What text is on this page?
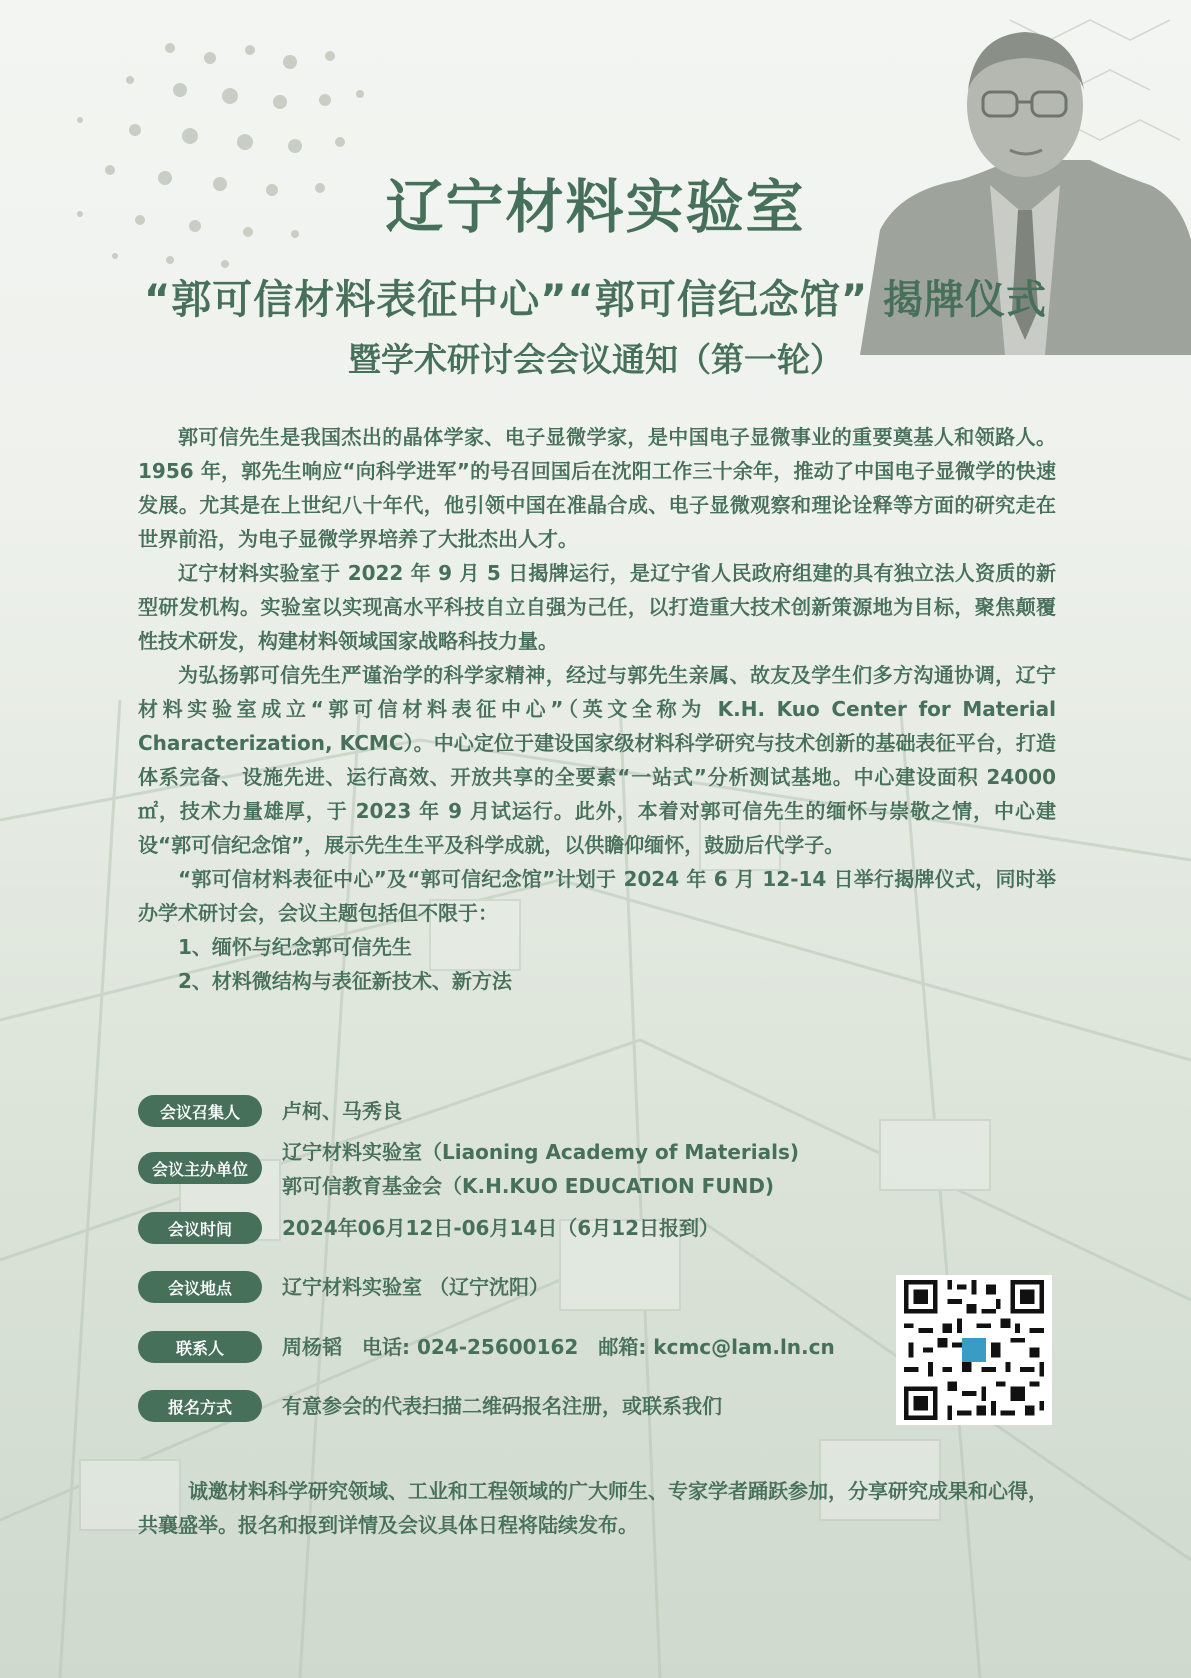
辽宁材料实验室
“郭可信材料表征中心”“郭可信纪念馆” 揭牌仪式
暨学术研讨会会议通知（第一轮）

郭可信先生是我国杰出的晶体学家、电子显微学家，是中国电子显微事业的重要奠基人和领路人。1956 年，郭先生响应“向科学进军”的号召回国后在沈阳工作三十余年，推动了中国电子显微学的快速发展。尤其是在上世纪八十年代，他引领中国在准晶合成、电子显微观察和理论诠释等方面的研究走在世界前沿，为电子显微学界培养了大批杰出人才。

辽宁材料实验室于 2022 年 9 月 5 日揭牌运行，是辽宁省人民政府组建的具有独立法人资质的新型研发机构。实验室以实现高水平科技自立自强为己任，以打造重大技术创新策源地为目标，聚焦颠覆性技术研发，构建材料领域国家战略科技力量。

为弘扬郭可信先生严谨治学的科学家精神，经过与郭先生亲属、故友及学生们多方沟通协调，辽宁材料实验室成立“郭可信材料表征中心”（英文全称为 K.H. Kuo Center for Material Characterization, KCMC）。中心定位于建设国家级材料科学研究与技术创新的基础表征平台，打造体系完备、设施先进、运行高效、开放共享的全要素“一站式”分析测试基地。中心建设面积 24000 ㎡，技术力量雄厚，于 2023 年 9 月试运行。此外，本着对郭可信先生的缅怀与崇敬之情，中心建设“郭可信纪念馆”，展示先生生平及科学成就，以供瞻仰缅怀，鼓励后代学子。

“郭可信材料表征中心”及“郭可信纪念馆”计划于 2024 年 6 月 12-14 日举行揭牌仪式，同时举办学术研讨会，会议主题包括但不限于：

1、缅怀与纪念郭可信先生
2、材料微结构与表征新技术、新方法
会议召集人	卢柯、马秀良
会议主办单位
辽宁材料实验室（Liaoning Academy of Materials)
郭可信教育基金会（K.H.KUO EDUCATION FUND)
会议时间	2024年06月12日-06月14日（6月12日报到）
会议地点	辽宁材料实验室 （辽宁沈阳）
联系人	周杨韬　电话: 024-25600162　邮箱: kcmc@lam.ln.cn
报名方式	有意参会的代表扫描二维码报名注册，或联系我们

诚邀材料科学研究领域、工业和工程领域的广大师生、专家学者踊跃参加，分享研究成果和心得，共襄盛举。报名和报到详情及会议具体日程将陆续发布。
